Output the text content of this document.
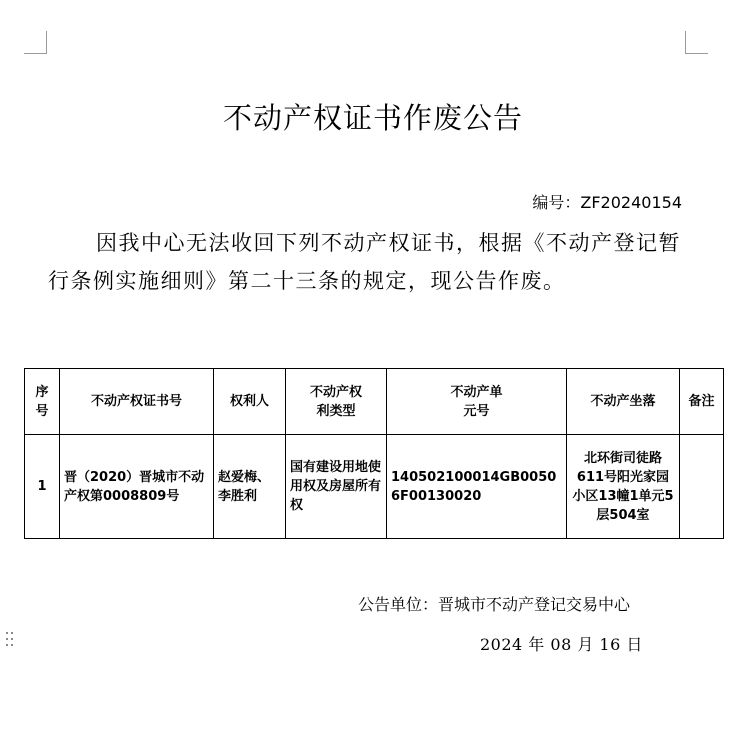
不动产权证书作废公告
编号：ZF20240154
因我中心无法收回下列不动产权证书，根据《不动产登记暂行条例实施细则》第二十三条的规定，现公告作废。
序号	不动产权证书号	权利人	不动产权利类型	不动产单元号	不动产坐落	备注
1	晋（2020）晋城市不动产权第0008809号	赵爱梅、李胜利	国有建设用地使用权及房屋所有权	140502100014GB00506F00130020	北环街司徒路611号阳光家园小区13幢1单元5层504室	
公告单位：晋城市不动产登记交易中心
2024 年 08 月 16 日
